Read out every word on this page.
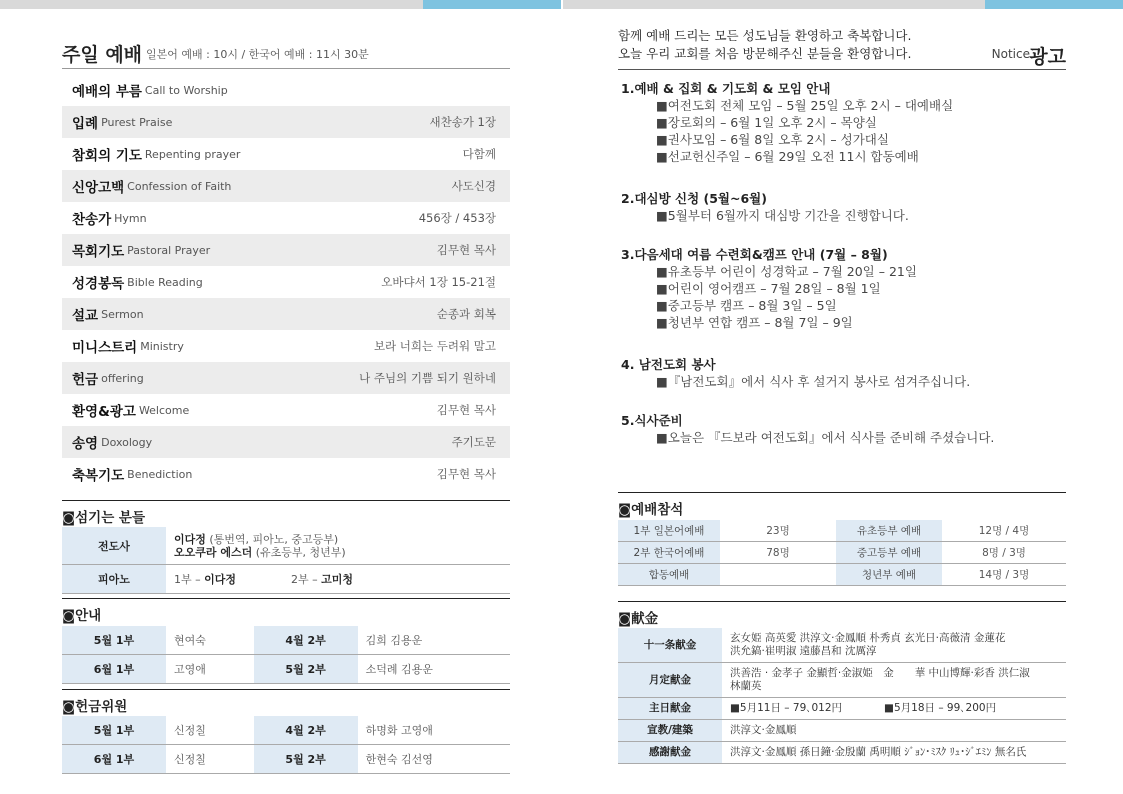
주일 예배 일본어 예배 : 10시 / 한국어 예배 : 11시 30분
예배의 부름 Call to Worship
입례 Purest Praise	새찬송가 1장
참회의 기도 Repenting prayer	다함께
신앙고백 Confession of Faith	사도신경
찬송가 Hymn	456장 / 453장
목회기도 Pastoral Prayer	김무현 목사
성경봉독 Bible Reading	오바댜서 1장 15-21절
설교 Sermon	순종과 회복
미니스트리 Ministry	보라 너희는 두려워 말고
헌금 offering	나 주님의 기쁨 되기 원하네
환영&광고 Welcome	김무현 목사
송영 Doxology	주기도문
축복기도 Benediction	김무현 목사
◙섬기는 분들
전도사	이다정 (통번역, 피아노, 중고등부)
오오쿠라 에스더 (유초등부, 청년부)
피아노	1부 – 이다정 2부 – 고미청
◙안내
5월 1부	현여숙	4월 2부	김희 김용운
6월 1부	고영애	5월 2부	소덕례 김용운
◙헌금위원
5월 1부	신정칠	4월 2부	하명화 고영애
6월 1부	신정칠	5월 2부	한현숙 김선영
함께 예배 드리는 모든 성도님들 환영하고 축복합니다.
오늘 우리 교회를 처음 방문해주신 분들을 환영합니다.	Notice 광고
1.예배 & 집회 & 기도회 & 모임 안내
■여전도회 전체 모임 – 5월 25일 오후 2시 – 대예배실
■장로회의 – 6월 1일 오후 2시 – 목양실
■권사모임 – 6월 8일 오후 2시 – 성가대실
■선교헌신주일 – 6월 29일 오전 11시 합동예배
2.대심방 신청 (5월~6월)
■5월부터 6월까지 대심방 기간을 진행합니다.
3.다음세대 여름 수련회&캠프 안내 (7월 – 8월)
■유초등부 어린이 성경학교 – 7월 20일 – 21일
■어린이 영어캠프 – 7월 28일 – 8월 1일
■중고등부 캠프 – 8월 3일 – 5일
■청년부 연합 캠프 – 8월 7일 – 9일
4. 남전도회 봉사
■『남전도회』에서 식사 후 설거지 봉사로 섬겨주십니다.
5.식사준비
■오늘은 『드보라 여전도회』에서 식사를 준비해 주셨습니다.
◙예배참석
1부 일본어예배	23명	유초등부 예배	12명 / 4명
2부 한국어예배	78명	중고등부 예배	8명 / 3명
합동예배		청년부 예배	14명 / 3명
◙献金
十一条献金	玄女姫 高英愛 洪淳文·金鳳順 朴秀貞 玄光日·高薇清 金蓮花
洪允鎬·崔明淑 遠藤昌和 沈厲淳

月定献金	洪善浩 · 金孝子 金顯哲·金淑姫　金　　華 中山博輝·彩香 洪仁淑
林蘭英

主日献金	■5月11日 – 79､012円　　　　■5月18日 – 99､200円
宣教/建築	洪淳文·金鳳順
感謝献金	洪淳文·金鳳順 孫日鐘·金殷蘭 禹明順 ｼﾞｮﾝ･ﾐｽｸ ﾘｭ･ｼﾞｴﾐﾝ 無名氏
